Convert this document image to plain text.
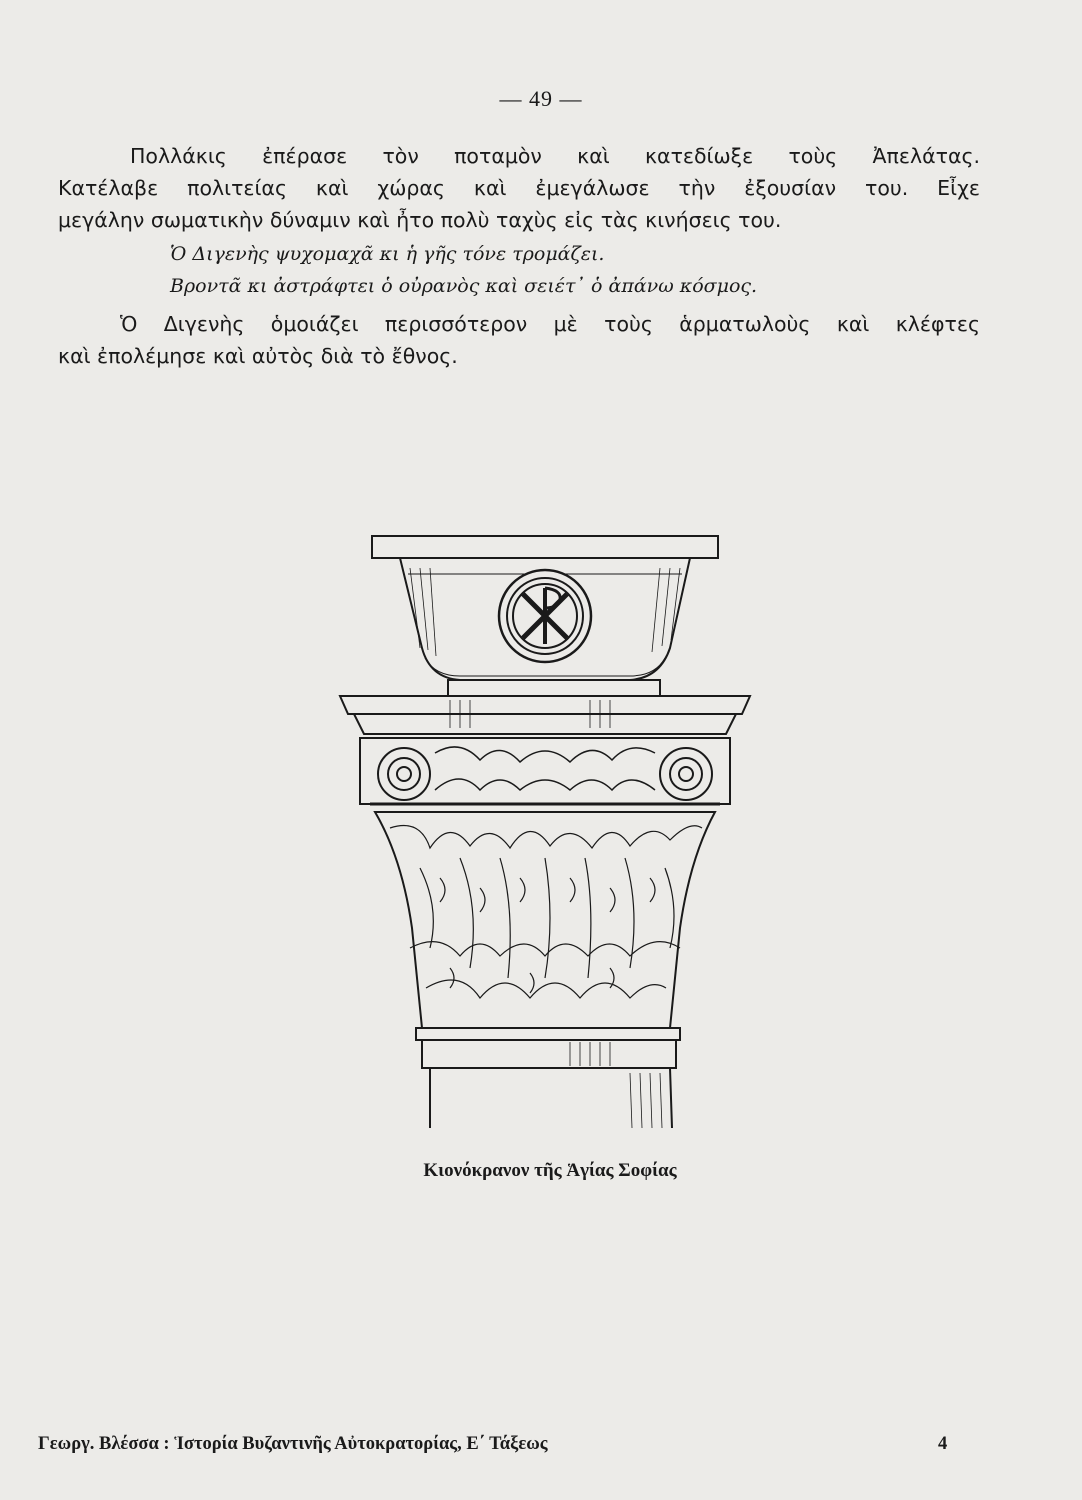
— 49 —
Πολλάκις ἐπέρασε τὸν ποταμὸν καὶ κατεδίωξε τοὺς Ἀπελάτας.
Κατέλαβε πολιτείας καὶ χώρας καὶ ἐμεγάλωσε τὴν ἐξουσίαν του. Εἶχε
μεγάλην σωματικὴν δύναμιν καὶ ἦτο πολὺ ταχὺς εἰς τὰς κινήσεις του.
Ὁ Διγενὴς ψυχομαχᾶ κι ἡ γῆς τόνε τρομάζει.
Βροντᾶ κι ἀστράφτει ὁ οὐρανὸς καὶ σειέτ᾽ ὁ ἀπάνω κόσμος.
Ὁ Διγενὴς ὁμοιάζει περισσότερον μὲ τοὺς ἁρματωλοὺς καὶ κλέφτες
καὶ ἐπολέμησε καὶ αὐτὸς διὰ τὸ ἔθνος.
Κιονόκρανον τῆς Ἁγίας Σοφίας
Γεωργ. Βλέσσα : Ἱστορία Βυζαντινῆς Αὐτοκρατορίας, Ε΄ Τάξεως	4
